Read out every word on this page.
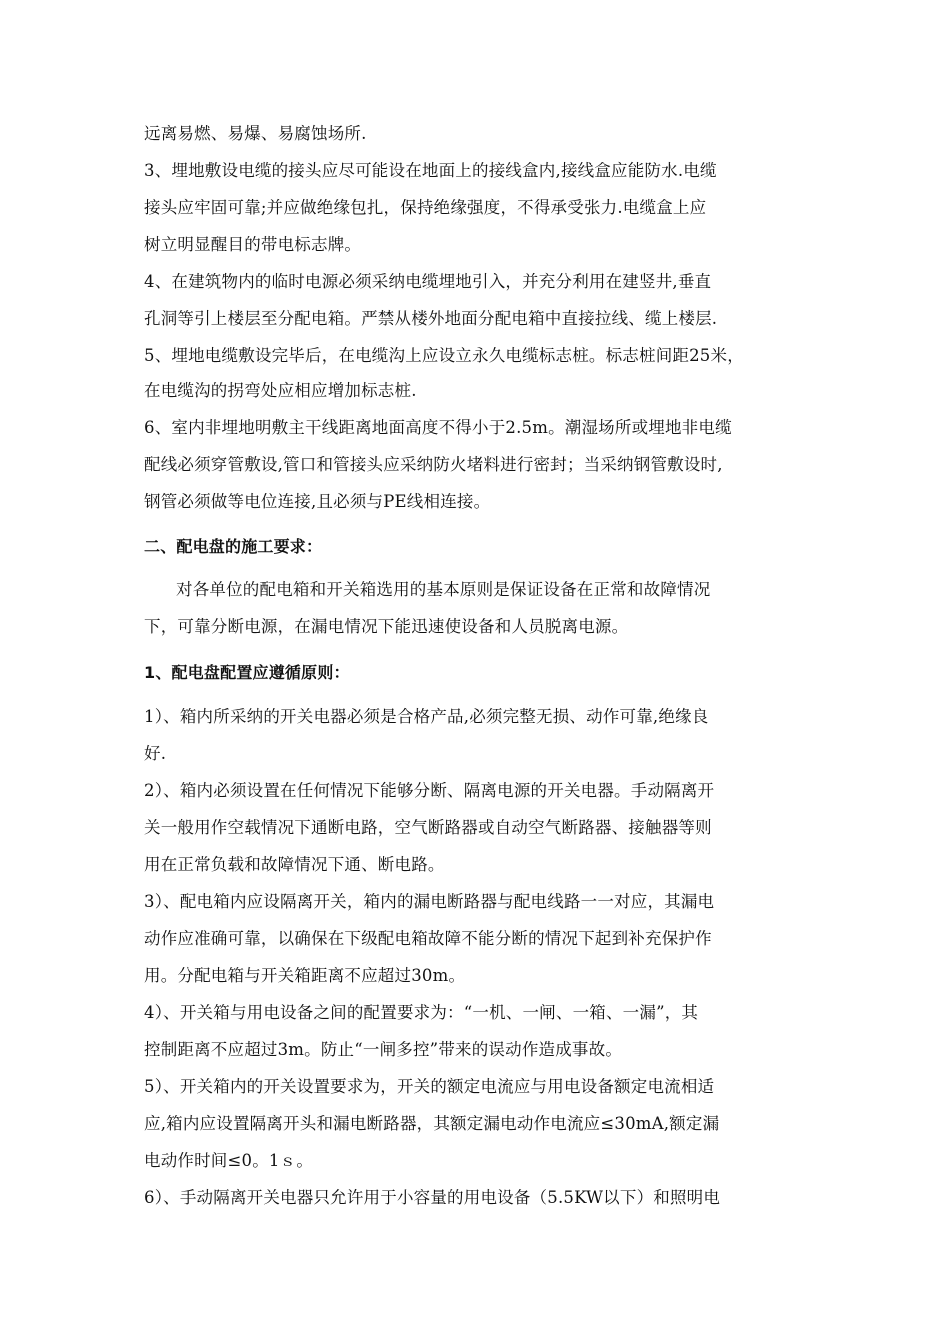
远离易燃、易爆、易腐蚀场所.
3、埋地敷设电缆的接头应尽可能设在地面上的接线盒内,接线盒应能防水.电缆
接头应牢固可靠;并应做绝缘包扎，保持绝缘强度，不得承受张力.电缆盒上应
树立明显醒目的带电标志牌。
4、在建筑物内的临时电源必须采纳电缆埋地引入，并充分利用在建竖井,垂直
孔洞等引上楼层至分配电箱。严禁从楼外地面分配电箱中直接拉线、缆上楼层.
5、埋地电缆敷设完毕后，在电缆沟上应设立永久电缆标志桩。标志桩间距25米，
在电缆沟的拐弯处应相应增加标志桩.
6、室内非埋地明敷主干线距离地面高度不得小于2.5m。潮湿场所或埋地非电缆
配线必须穿管敷设,管口和管接头应采纳防火堵料进行密封；当采纳钢管敷设时,
钢管必须做等电位连接,且必须与PE线相连接。
二、配电盘的施工要求：
对各单位的配电箱和开关箱选用的基本原则是保证设备在正常和故障情况
下，可靠分断电源，在漏电情况下能迅速使设备和人员脱离电源。
1、配电盘配置应遵循原则：
1）、箱内所采纳的开关电器必须是合格产品,必须完整无损、动作可靠,绝缘良
好.
2）、箱内必须设置在任何情况下能够分断、隔离电源的开关电器。手动隔离开
关一般用作空载情况下通断电路，空气断路器或自动空气断路器、接触器等则
用在正常负载和故障情况下通、断电路。
3）、配电箱内应设隔离开关，箱内的漏电断路器与配电线路一一对应，其漏电
动作应准确可靠，以确保在下级配电箱故障不能分断的情况下起到补充保护作
用。分配电箱与开关箱距离不应超过30m。
4）、开关箱与用电设备之间的配置要求为：“一机、一闸、一箱、一漏”，其
控制距离不应超过3m。防止“一闸多控”带来的误动作造成事故。
5）、开关箱内的开关设置要求为，开关的额定电流应与用电设备额定电流相适
应,箱内应设置隔离开头和漏电断路器，其额定漏电动作电流应≤30mA,额定漏
电动作时间≤0。1ｓ。
6）、手动隔离开关电器只允许用于小容量的用电设备（5.5KW以下）和照明电
